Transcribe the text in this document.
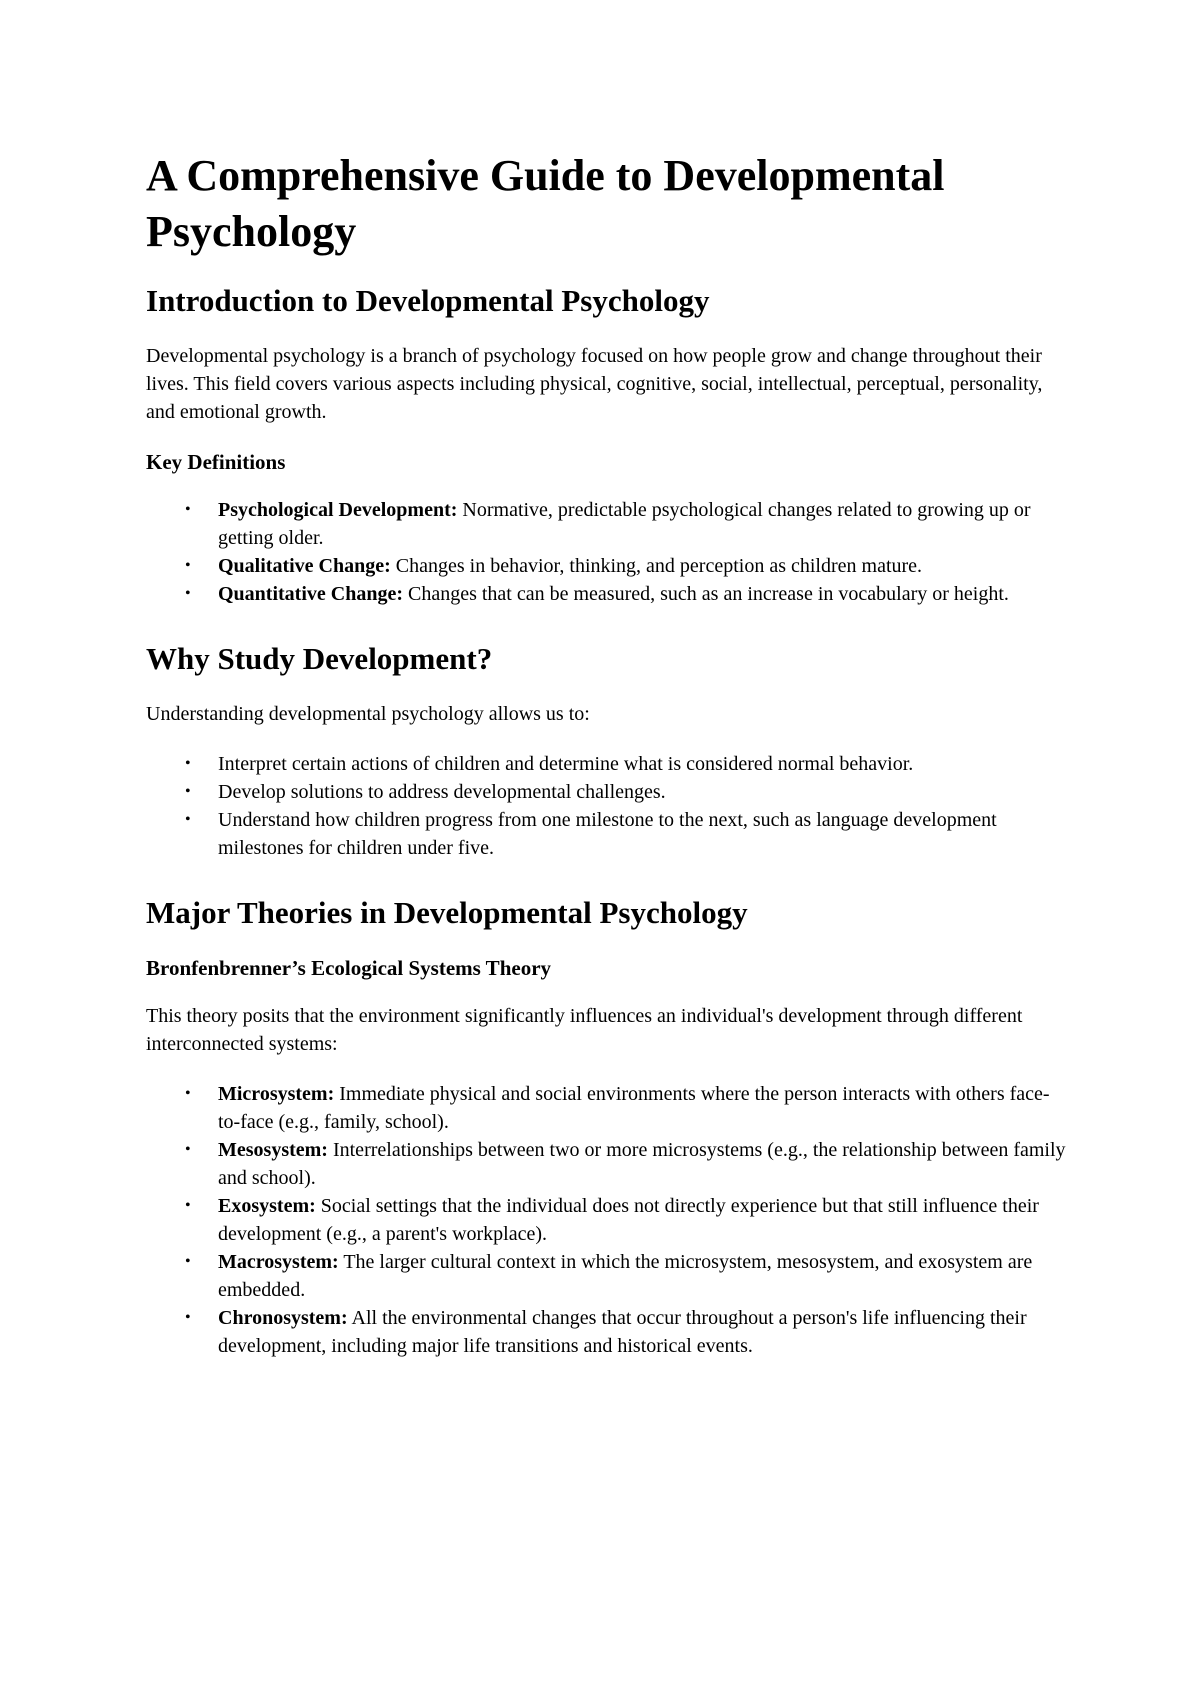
A Comprehensive Guide to Developmental Psychology
Introduction to Developmental Psychology

Developmental psychology is a branch of psychology focused on how people grow and change throughout their lives. This field covers various aspects including physical, cognitive, social, intellectual, perceptual, personality, and emotional growth.

Key Definitions
• Psychological Development: Normative, predictable psychological changes related to growing up or getting older.
• Qualitative Change: Changes in behavior, thinking, and perception as children mature.
• Quantitative Change: Changes that can be measured, such as an increase in vocabulary or height.
Why Study Development?

Understanding developmental psychology allows us to:

• Interpret certain actions of children and determine what is considered normal behavior.
• Develop solutions to address developmental challenges.
• Understand how children progress from one milestone to the next, such as language development milestones for children under five.
Major Theories in Developmental Psychology
Bronfenbrenner’s Ecological Systems Theory

This theory posits that the environment significantly influences an individual's development through different interconnected systems:

• Microsystem: Immediate physical and social environments where the person interacts with others face-to-face (e.g., family, school).
• Mesosystem: Interrelationships between two or more microsystems (e.g., the relationship between family and school).
• Exosystem: Social settings that the individual does not directly experience but that still influence their development (e.g., a parent's workplace).
• Macrosystem: The larger cultural context in which the microsystem, mesosystem, and exosystem are embedded.
• Chronosystem: All the environmental changes that occur throughout a person's life influencing their development, including major life transitions and historical events.
